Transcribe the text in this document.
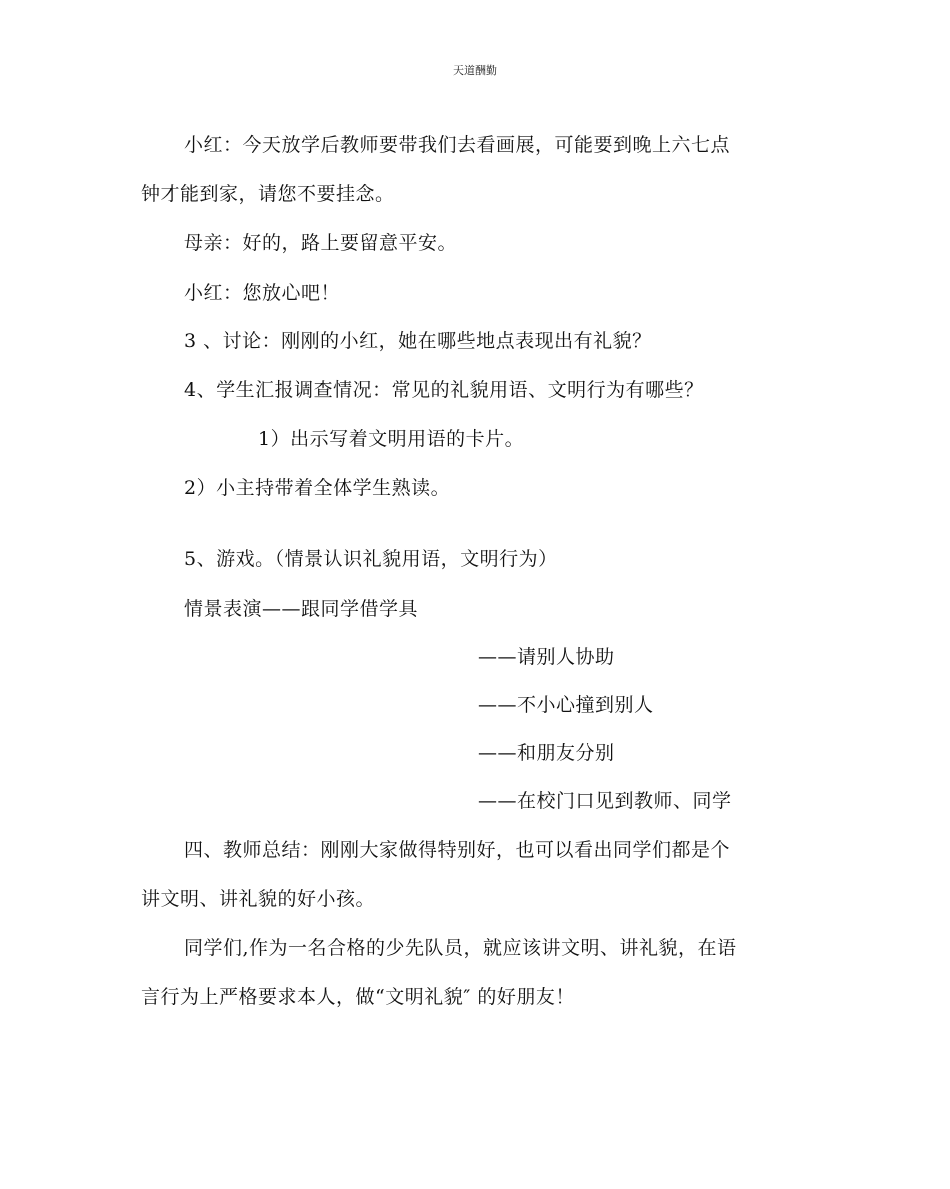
天道酬勤
小红：今天放学后教师要带我们去看画展，可能要到晚上六七点
钟才能到家，请您不要挂念。
母亲：好的，路上要留意平安。
小红：您放心吧！
3 、讨论：刚刚的小红，她在哪些地点表现出有礼貌？
4、学生汇报调查情况：常见的礼貌用语、文明行为有哪些？
1）出示写着文明用语的卡片。
2）小主持带着全体学生熟读。
5、游戏。（情景认识礼貌用语，文明行为）
情景表演——跟同学借学具
——请别人协助
——不小心撞到别人
——和朋友分别
——在校门口见到教师、同学
四、教师总结：刚刚大家做得特别好，也可以看出同学们都是个
讲文明、讲礼貌的好小孩。
同学们,作为一名合格的少先队员，就应该讲文明、讲礼貌，在语
言行为上严格要求本人，做“文明礼貌″ 的好朋友！
